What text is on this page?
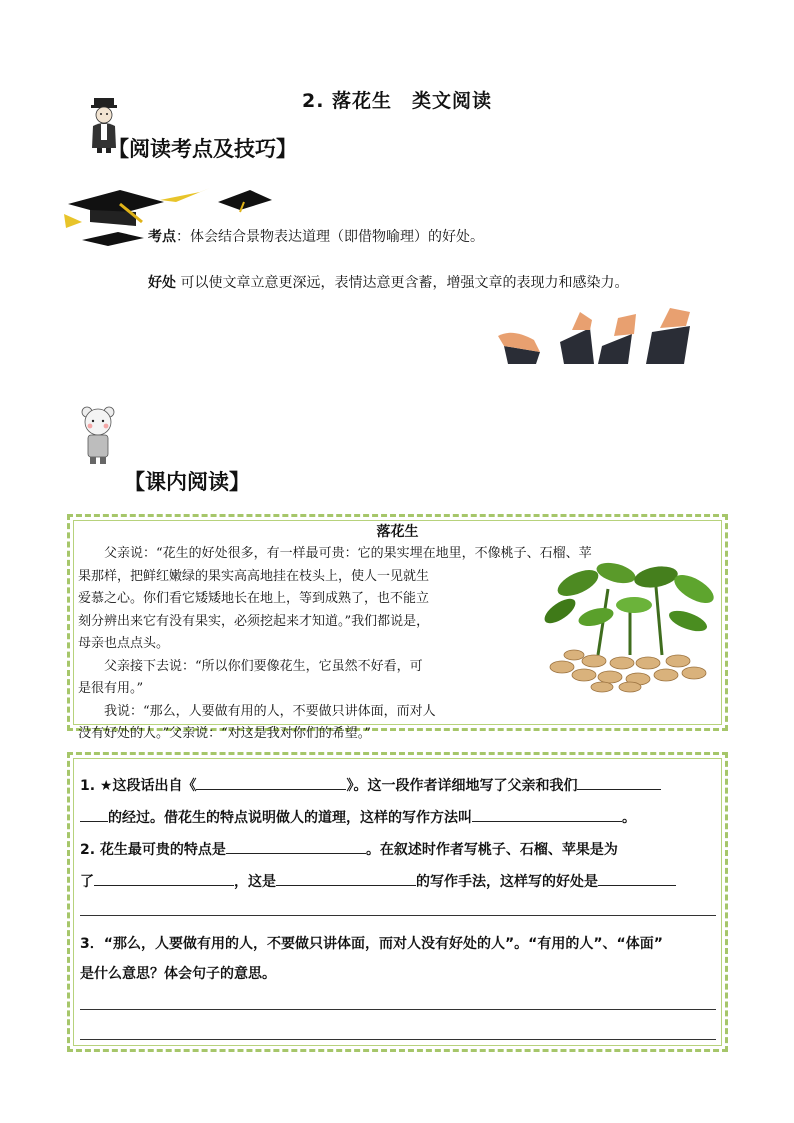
2. 落花生　类文阅读
【阅读考点及技巧】
考点：体会结合景物表达道理（即借物喻理）的好处。
好处 可以使文章立意更深远，表情达意更含蓄，增强文章的表现力和感染力。
【课内阅读】
落花生

父亲说：“花生的好处很多，有一样最可贵：它的果实埋在地里，不像桃子、石榴、苹

果那样，把鲜红嫩绿的果实高高地挂在枝头上，使人一见就生

爱慕之心。你们看它矮矮地长在地上，等到成熟了，也不能立

刻分辨出来它有没有果实，必须挖起来才知道。”我们都说是，

母亲也点点头。

父亲接下去说：“所以你们要像花生，它虽然不好看，可

是很有用。”

我说：“那么，人要做有用的人，不要做只讲体面，而对人

没有好处的人。”父亲说：“对这是我对你们的希望。”

1. ★这段话出自《	》。这一段作者详细地写了父亲和我们
的经过。借花生的特点说明做人的道理，这样的写作方法叫	。
2. 花生最可贵的特点是	。在叙述时作者写桃子、石榴、苹果是为
了	，这是	的写作手法，这样写的好处是
3．“那么，人要做有用的人，不要做只讲体面，而对人没有好处的人”。“有用的人”、“体面”
是什么意思？体会句子的意思。
